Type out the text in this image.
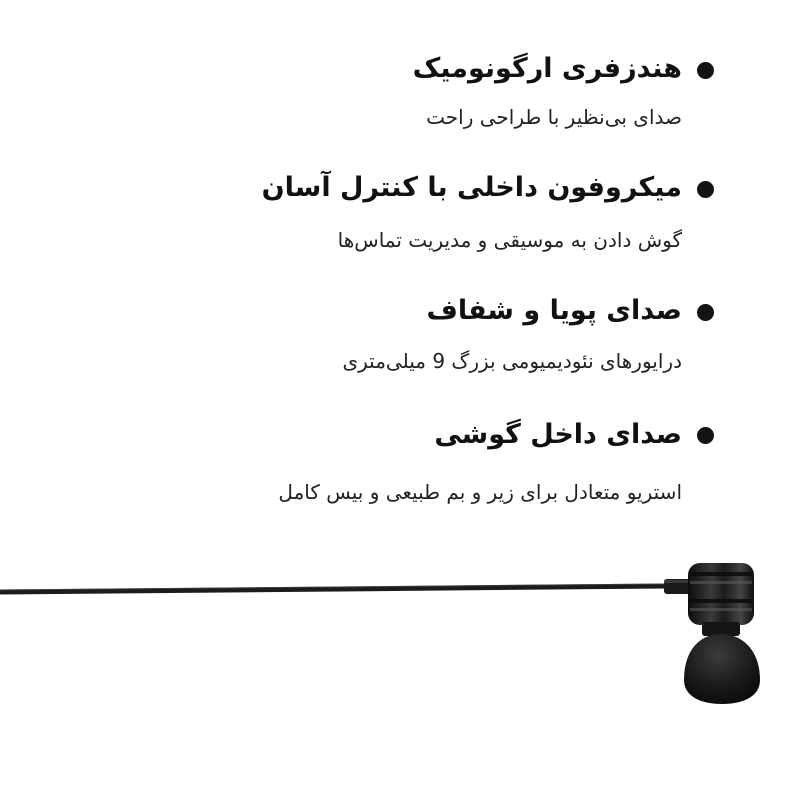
هندزفری ارگونومیک
صدای بی‌نظیر با طراحی راحت
میکروفون داخلی با کنترل آسان
گوش دادن به موسیقی و مدیریت تماس‌ها
صدای پویا و شفاف
درایورهای نئودیمیومی بزرگ 9 میلی‌متری
صدای داخل گوشی
استریو متعادل برای زیر و بم طبیعی و بیس کامل
